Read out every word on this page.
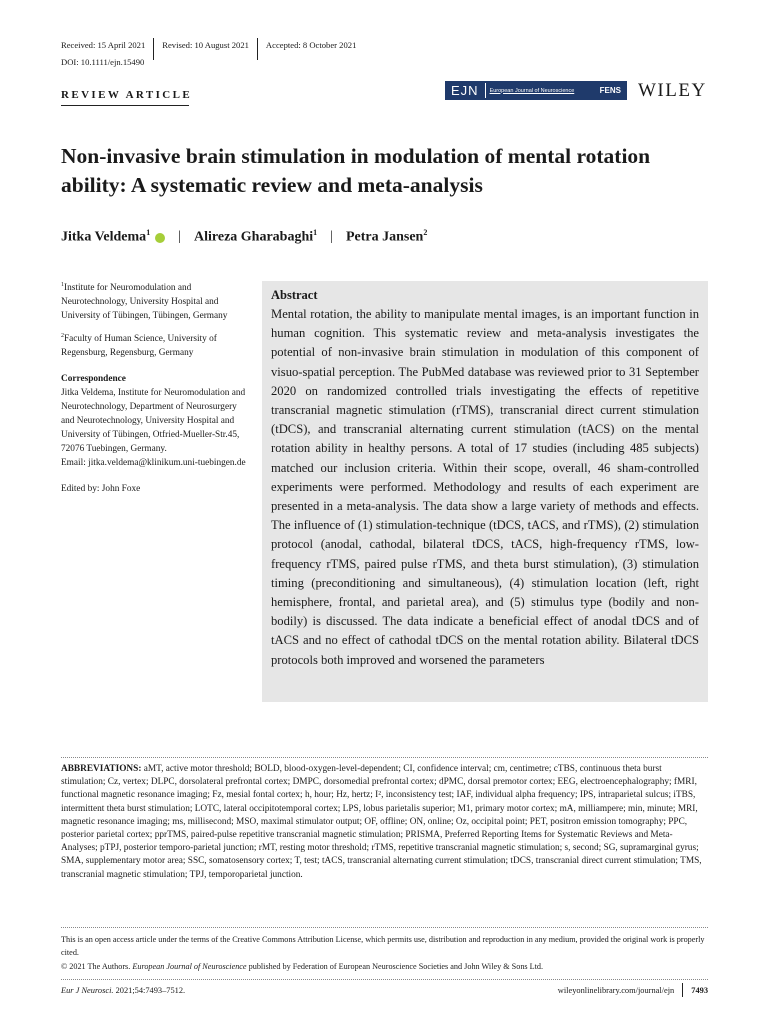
Received: 15 April 2021	Revised: 10 August 2021	Accepted: 8 October 2021
DOI: 10.1111/ejn.15490
REVIEW ARTICLE	EJN	European Journal of Neuroscience	FENS WILEY
Non-invasive brain stimulation in modulation of mental rotation ability: A systematic review and meta-analysis
Jitka Veldema$^1$ | Alireza Gharabaghi$^1$ | Petra Jansen$^2$

$^1$Institute for Neuromodulation and Neurotechnology, University Hospital and University of Tübingen, Tübingen, Germany

$^2$Faculty of Human Science, University of Regensburg, Regensburg, Germany

Correspondence

Jitka Veldema, Institute for Neuromodulation and Neurotechnology, Department of Neurosurgery and Neurotechnology, University Hospital and University of Tübingen, Otfried-Mueller-Str.45, 72076 Tuebingen, Germany.

Email: jitka.veldema@klinikum.uni-tuebingen.de

Edited by: John Foxe

Abstract
Mental rotation, the ability to manipulate mental images, is an important function in human cognition. This systematic review and meta-analysis investigates the potential of non-invasive brain stimulation in modulation of this component of visuo-spatial perception. The PubMed database was reviewed prior to 31 September 2020 on randomized controlled trials investigating the effects of repetitive transcranial magnetic stimulation (rTMS), transcranial direct current stimulation (tDCS), and transcranial alternating current stimulation (tACS) on the mental rotation ability in healthy persons. A total of 17 studies (including 485 subjects) matched our inclusion criteria. Within their scope, overall, 46 sham-controlled experiments were performed. Methodology and results of each experiment are presented in a meta-analysis. The data show a large variety of methods and effects. The influence of (1) stimulation-technique (tDCS, tACS, and rTMS), (2) stimulation protocol (anodal, cathodal, bilateral tDCS, tACS, high-frequency rTMS, low-frequency rTMS, paired pulse rTMS, and theta burst stimulation), (3) stimulation timing (preconditioning and simultaneous), (4) stimulation location (left, right hemisphere, frontal, and parietal area), and (5) stimulus type (bodily and non-bodily) is discussed. The data indicate a beneficial effect of anodal tDCS and of tACS and no effect of cathodal tDCS on the mental rotation ability. Bilateral tDCS protocols both improved and worsened the parameters
ABBREVIATIONS: aMT, active motor threshold; BOLD, blood-oxygen-level-dependent; CI, confidence interval; cm, centimetre; cTBS, continuous theta burst stimulation; Cz, vertex; DLPC, dorsolateral prefrontal cortex; DMPC, dorsomedial prefrontal cortex; dPMC, dorsal premotor cortex; EEG, electroencephalography; fMRI, functional magnetic resonance imaging; Fz, mesial fontal cortex; h, hour; Hz, hertz; I², inconsistency test; IAF, individual alpha frequency; IPS, intraparietal sulcus; iTBS, intermittent theta burst stimulation; LOTC, lateral occipitotemporal cortex; LPS, lobus parietalis superior; M1, primary motor cortex; mA, milliampere; min, minute; MRI, magnetic resonance imaging; ms, millisecond; MSO, maximal stimulator output; OF, offline; ON, online; Oz, occipital point; PET, positron emission tomography; PPC, posterior parietal cortex; pprTMS, paired-pulse repetitive transcranial magnetic stimulation; PRISMA, Preferred Reporting Items for Systematic Reviews and Meta-Analyses; pTPJ, posterior temporo-parietal junction; rMT, resting motor threshold; rTMS, repetitive transcranial magnetic stimulation; s, second; SG, supramarginal gyrus; SMA, supplementary motor area; SSC, somatosensory cortex; T, test; tACS, transcranial alternating current stimulation; tDCS, transcranial direct current stimulation; TMS, transcranial magnetic stimulation; TPJ, temporoparietal junction.

This is an open access article under the terms of the Creative Commons Attribution License, which permits use, distribution and reproduction in any medium, provided the original work is properly cited.

© 2021 The Authors. European Journal of Neuroscience published by Federation of European Neuroscience Societies and John Wiley & Sons Ltd.

Eur J Neurosci. 2021;54:7493–7512.	wileyonlinelibrary.com/journal/ejn 7493
